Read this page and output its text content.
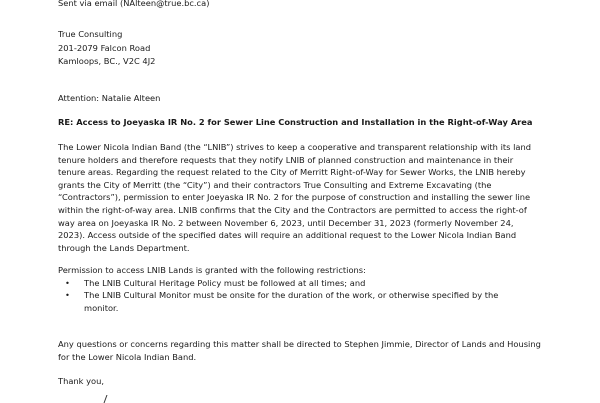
Sent via email (NAlteen@true.bc.ca)
True Consulting
201-2079 Falcon Road
Kamloops, BC., V2C 4J2
Attention: Natalie Alteen
RE: Access to Joeyaska IR No. 2 for Sewer Line Construction and Installation in the Right-of-Way Area
The Lower Nicola Indian Band (the “LNIB”) strives to keep a cooperative and transparent relationship with its land
tenure holders and therefore requests that they notify LNIB of planned construction and maintenance in their
tenure areas. Regarding the request related to the City of Merritt Right-of-Way for Sewer Works, the LNIB hereby
grants the City of Merritt (the “City”) and their contractors True Consulting and Extreme Excavating (the
“Contractors”), permission to enter Joeyaska IR No. 2 for the purpose of construction and installing the sewer line
within the right-of-way area. LNIB confirms that the City and the Contractors are permitted to access the right-of
way area on Joeyaska IR No. 2 between November 6, 2023, until December 31, 2023 (formerly November 24,
2023). Access outside of the specified dates will require an additional request to the Lower Nicola Indian Band
through the Lands Department.
Permission to access LNIB Lands is granted with the following restrictions:
• The LNIB Cultural Heritage Policy must be followed at all times; and
• The LNIB Cultural Monitor must be onsite for the duration of the work, or otherwise specified by the
monitor.
Any questions or concerns regarding this matter shall be directed to Stephen Jimmie, Director of Lands and Housing
for the Lower Nicola Indian Band.
Thank you,
